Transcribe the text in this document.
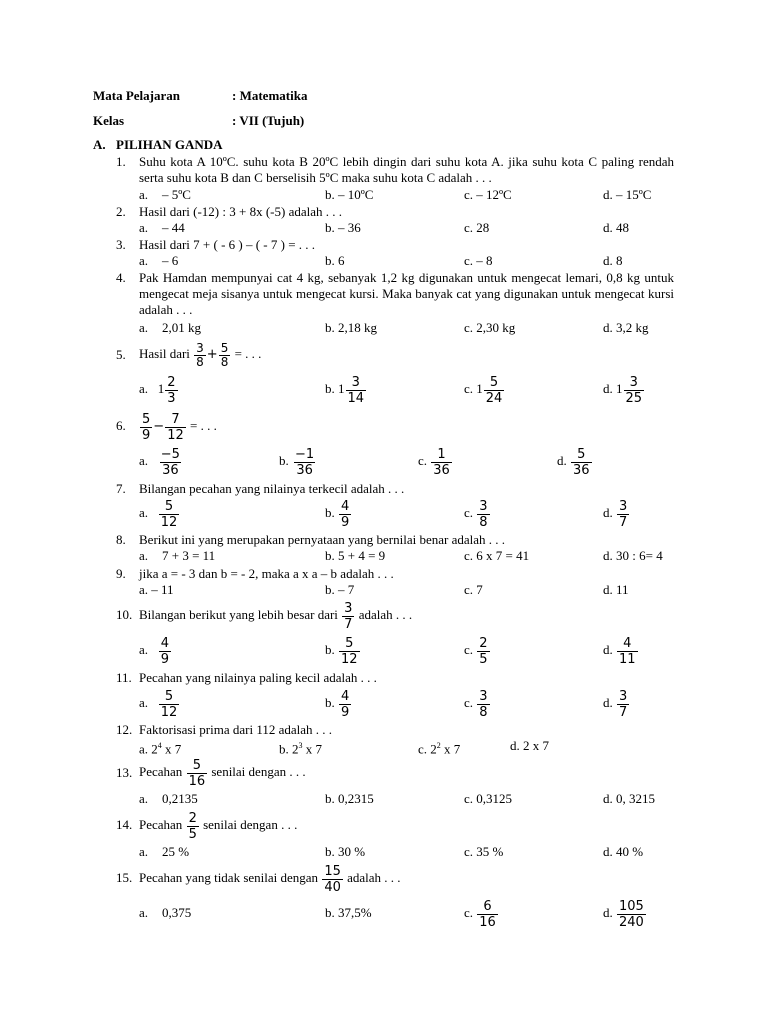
Mata Pelajaran	: Matematika
Kelas	: VII (Tujuh)
A. PILIHAN GANDA
1. Suhu kota A 10ºC. suhu kota B 20ºC lebih dingin dari suhu kota A. jika suhu kota C paling rendah serta suhu kota B dan C berselisih 5ºC maka suhu kota C adalah . . .
a. – 5ºC	b. – 10ºC	c. – 12ºC	d. – 15ºC
2. Hasil dari (-12) : 3 + 8x (-5) adalah . . .
a. – 44	b. – 36	c. 28	d. 48
3. Hasil dari 7 + ( - 6 ) – ( - 7 ) = . . .
a. – 6	b. 6	c. – 8	d. 8
4. Pak Hamdan mempunyai cat 4 kg, sebanyak 1,2 kg digunakan untuk mengecat lemari, 0,8 kg untuk mengecat meja sisanya untuk mengecat kursi. Maka banyak cat yang digunakan untuk mengecat kursi adalah . . .
a. 2,01 kg	b. 2,18 kg	c. 2,30 kg	d. 3,2 kg
5. Hasil dari $\frac{3}{8} + \frac{5}{8}$ = . . .
a. $1 \frac{2}{3}$	b. $1 \frac{3}{14}$	c. $1 \frac{5}{24}$	d. $1 \frac{3}{25}$
6. $\frac{5}{9} - \frac{7}{12}$ = . . .
a. $\frac{-5}{36}$	b. $\frac{-1}{36}$	c. $\frac{1}{36}$	d. $\frac{5}{36}$
7. Bilangan pecahan yang nilainya terkecil adalah . . .
a. $\frac{5}{12}$	b. $\frac{4}{9}$	c. $\frac{3}{8}$	d. $\frac{3}{7}$
8. Berikut ini yang merupakan pernyataan yang bernilai benar adalah . . .
a. 7 + 3 = 11	b. 5 + 4 = 9	c. 6 x 7 = 41	d. 30 : 6= 4
9. jika a = - 3 dan b = - 2, maka a x a – b adalah . . .
a. – 11	b. – 7	c. 7	d. 11
10. Bilangan berikut yang lebih besar dari $\frac{3}{7}$ adalah . . .
a. $\frac{4}{9}$	b. $\frac{5}{12}$	c. $\frac{2}{5}$	d. $\frac{4}{11}$
11. Pecahan yang nilainya paling kecil adalah . . .
a. $\frac{5}{12}$	b. $\frac{4}{9}$	c. $\frac{3}{8}$	d. $\frac{3}{7}$
12. Faktorisasi prima dari 112 adalah . . .
a. $2^4$ x 7	b. $2^3$ x 7	c. $2^2$ x 7	d. 2 x 7
13. Pecahan $\frac{5}{16}$ senilai dengan . . .
a. 0,2135	b. 0,2315	c. 0,3125	d. 0, 3215
14. Pecahan $\frac{2}{5}$ senilai dengan . . .
a. 25 %	b. 30 %	c. 35 %	d. 40 %
15. Pecahan yang tidak senilai dengan $\frac{15}{40}$ adalah . . .
a. 0,375	b. 37,5%	c. $\frac{6}{16}$	d. $\frac{105}{240}$
